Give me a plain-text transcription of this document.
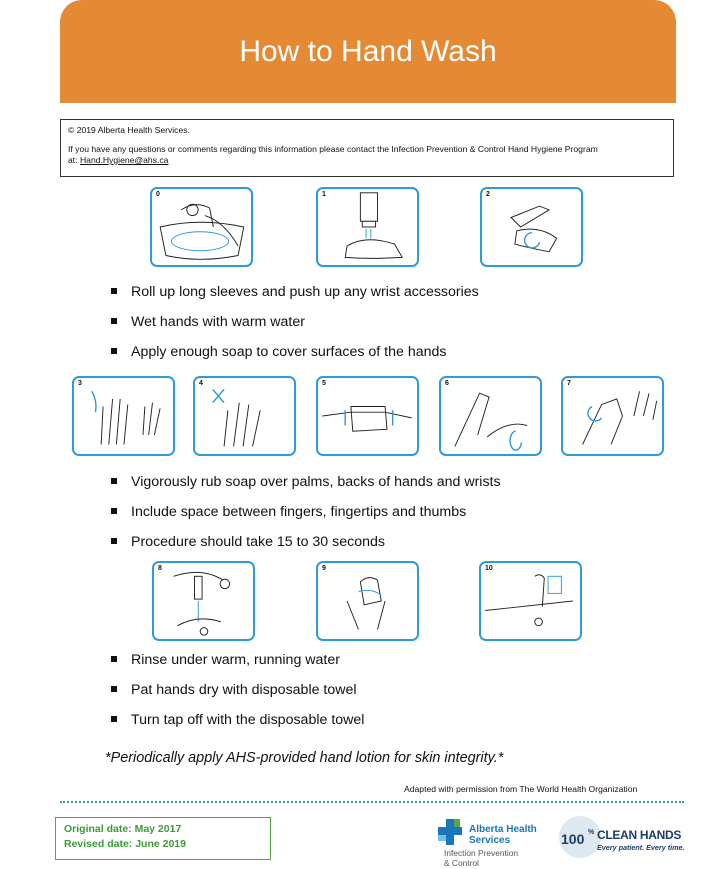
How to Hand Wash
© 2019 Alberta Health Services.
If you have any questions or comments regarding this information please contact the Infection Prevention & Control Hand Hygiene Program
at: Hand.Hygiene@ahs.ca
0	1	2
Roll up long sleeves and push up any wrist accessories
Wet hands with warm water
Apply enough soap to cover surfaces of the hands
3	4	5	6	7
Vigorously rub soap over palms, backs of hands and wrists
Include space between fingers, fingertips and thumbs
Procedure should take 15 to 30 seconds
8	9	10
Rinse under warm, running water
Pat hands dry with disposable towel
Turn tap off with the disposable towel
*Periodically apply AHS-provided hand lotion for skin integrity.*
Adapted with permission from The World Health Organization
Original date: May 2017
Revised date: June 2019
Alberta Health
Services
Infection Prevention
& Control
100 % CLEAN HANDS
Every patient. Every time.
